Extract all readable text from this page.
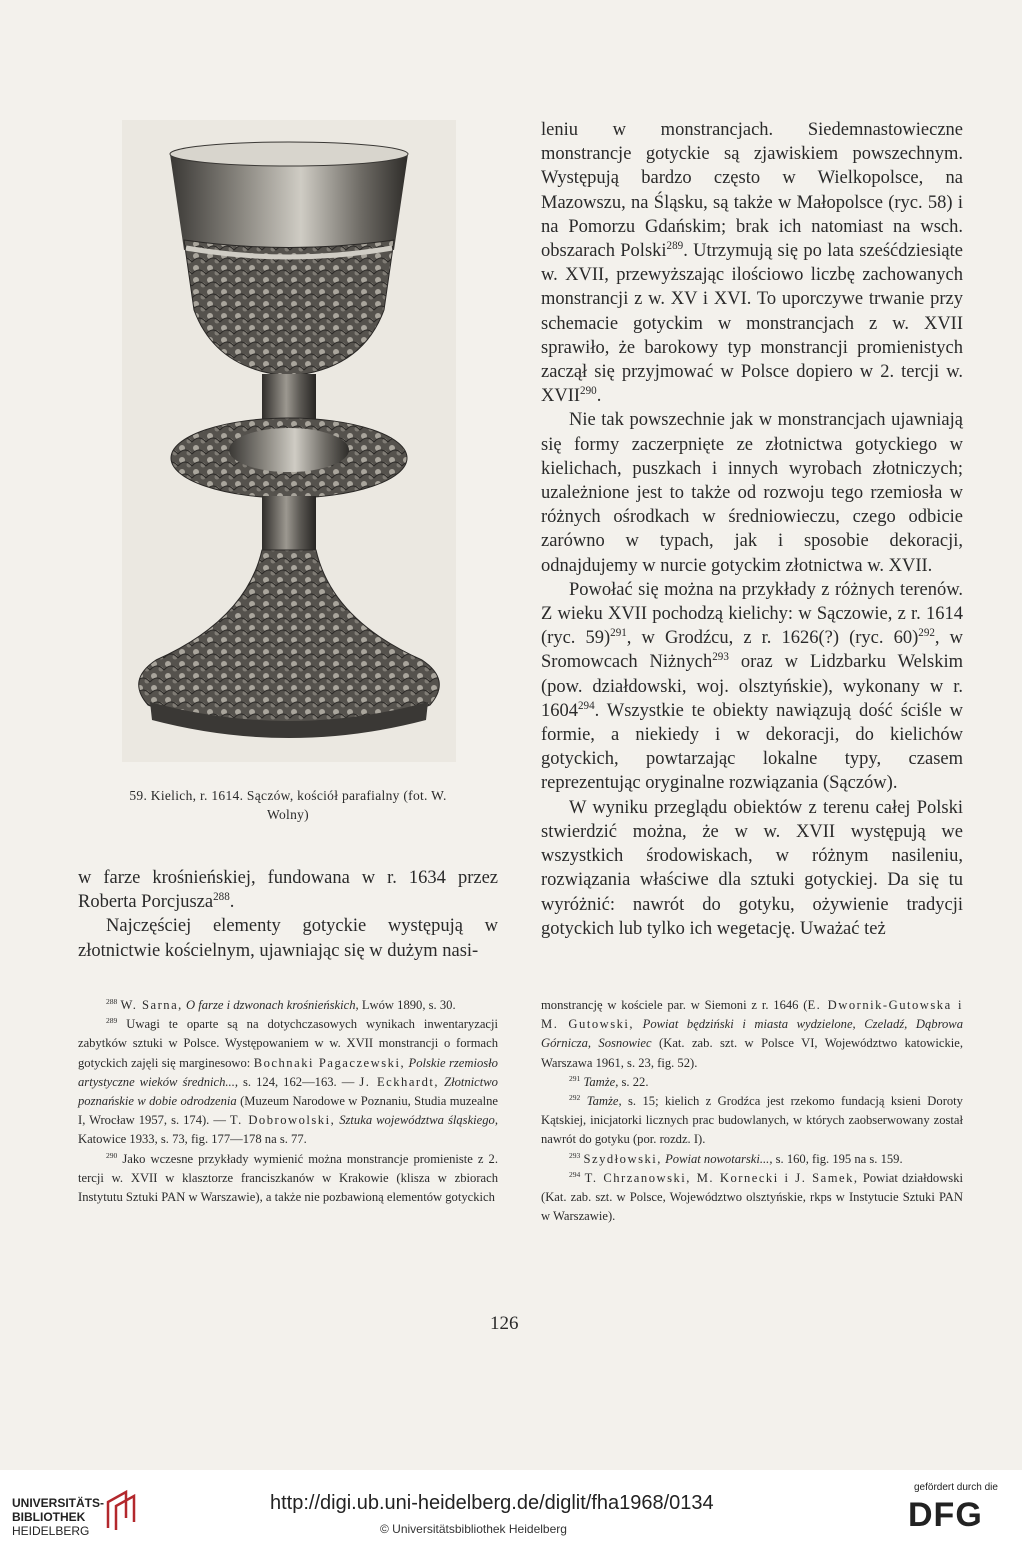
59. Kielich, r. 1614. Sączów, kościół parafialny (fot. W.
Wolny)

w farze krośnieńskiej, fundowana w r. 1634 przez Roberta Porcjusza$^{288}$.

Najczęściej elementy gotyckie występują w złotnictwie kościelnym, ujawniając się w dużym nasi-

leniu w monstrancjach. Siedemnastowieczne monstrancje gotyckie są zjawiskiem powszechnym. Występują bardzo często w Wielkopolsce, na Mazowszu, na Śląsku, są także w Małopolsce (ryc. 58) i na Pomorzu Gdańskim; brak ich natomiast na wsch. obszarach Polski$^{289}$. Utrzymują się po lata sześćdziesiąte w. XVII, przewyższając ilościowo liczbę zachowanych monstrancji z w. XV i XVI. To uporczywe trwanie przy schemacie gotyckim w monstrancjach z w. XVII sprawiło, że barokowy typ monstrancji promienistych zaczął się przyjmować w Polsce dopiero w 2. tercji w. XVII$^{290}$.

Nie tak powszechnie jak w monstrancjach ujawniają się formy zaczerpnięte ze złotnictwa gotyckiego w kielichach, puszkach i innych wyrobach złotniczych; uzależnione jest to także od rozwoju tego rzemiosła w różnych ośrodkach w średniowieczu, czego odbicie zarówno w typach, jak i sposobie dekoracji, odnajdujemy w nurcie gotyckim złotnictwa w. XVII.

Powołać się można na przykłady z różnych terenów. Z wieku XVII pochodzą kielichy: w Sączowie, z r. 1614 (ryc. 59)$^{291}$, w Grodźcu, z r. 1626(?) (ryc. 60)$^{292}$, w Sromowcach Niżnych$^{293}$ oraz w Lidzbarku Welskim (pow. działdowski, woj. olsztyńskie), wykonany w r. 1604$^{294}$. Wszystkie te obiekty nawiązują dość ściśle w formie, a niekiedy i w dekoracji, do kielichów gotyckich, powtarzając lokalne typy, czasem reprezentując oryginalne rozwiązania (Sączów).

W wyniku przeglądu obiektów z terenu całej Polski stwierdzić można, że w w. XVII występują we wszystkich środowiskach, w różnym nasileniu, rozwiązania właściwe dla sztuki gotyckiej. Da się tu wyróżnić: nawrót do gotyku, ożywienie tradycji gotyckich lub tylko ich wegetację. Uważać też

$^{288}$ W. Sarna, O farze i dzwonach krośnieńskich, Lwów 1890, s. 30.

$^{289}$ Uwagi te oparte są na dotychczasowych wynikach inwentaryzacji zabytków sztuki w Polsce. Występowaniem w w. XVII monstrancji o formach gotyckich zajęli się marginesowo: Bochnaki Pagaczewski, Polskie rzemiosło artystyczne wieków średnich..., s. 124, 162—163. — J. Eckhardt, Złotnictwo poznańskie w dobie odrodzenia (Muzeum Narodowe w Poznaniu, Studia muzealne I, Wrocław 1957, s. 174). — T. Dobrowolski, Sztuka województwa śląskiego, Katowice 1933, s. 73, fig. 177—178 na s. 77.

$^{290}$ Jako wczesne przykłady wymienić można monstrancje promieniste z 2. tercji w. XVII w klasztorze franciszkanów w Krakowie (klisza w zbiorach Instytutu Sztuki PAN w Warszawie), a także nie pozbawioną elementów gotyckich

monstrancję w kościele par. w Siemoni z r. 1646 (E. Dwornik-Gutowska i M. Gutowski, Powiat będziński i miasta wydzielone, Czeladź, Dąbrowa Górnicza, Sosnowiec (Kat. zab. szt. w Polsce VI, Województwo katowickie, Warszawa 1961, s. 23, fig. 52).

$^{291}$ Tamże, s. 22.

$^{292}$ Tamże, s. 15; kielich z Grodźca jest rzekomo fundacją ksieni Doroty Kątskiej, inicjatorki licznych prac budowlanych, w których zaobserwowany został nawrót do gotyku (por. rozdz. I).

$^{293}$ Szydłowski, Powiat nowotarski..., s. 160, fig. 195 na s. 159.

$^{294}$ T. Chrzanowski, M. Kornecki i J. Samek, Powiat działdowski (Kat. zab. szt. w Polsce, Województwo olsztyńskie, rkps w Instytucie Sztuki PAN w Warszawie).

126
UNIVERSITÄTS-
BIBLIOTHEK
HEIDELBERG
http://digi.ub.uni-heidelberg.de/diglit/fha1968/0134
© Universitätsbibliothek Heidelberg
gefördert durch die
DFG
